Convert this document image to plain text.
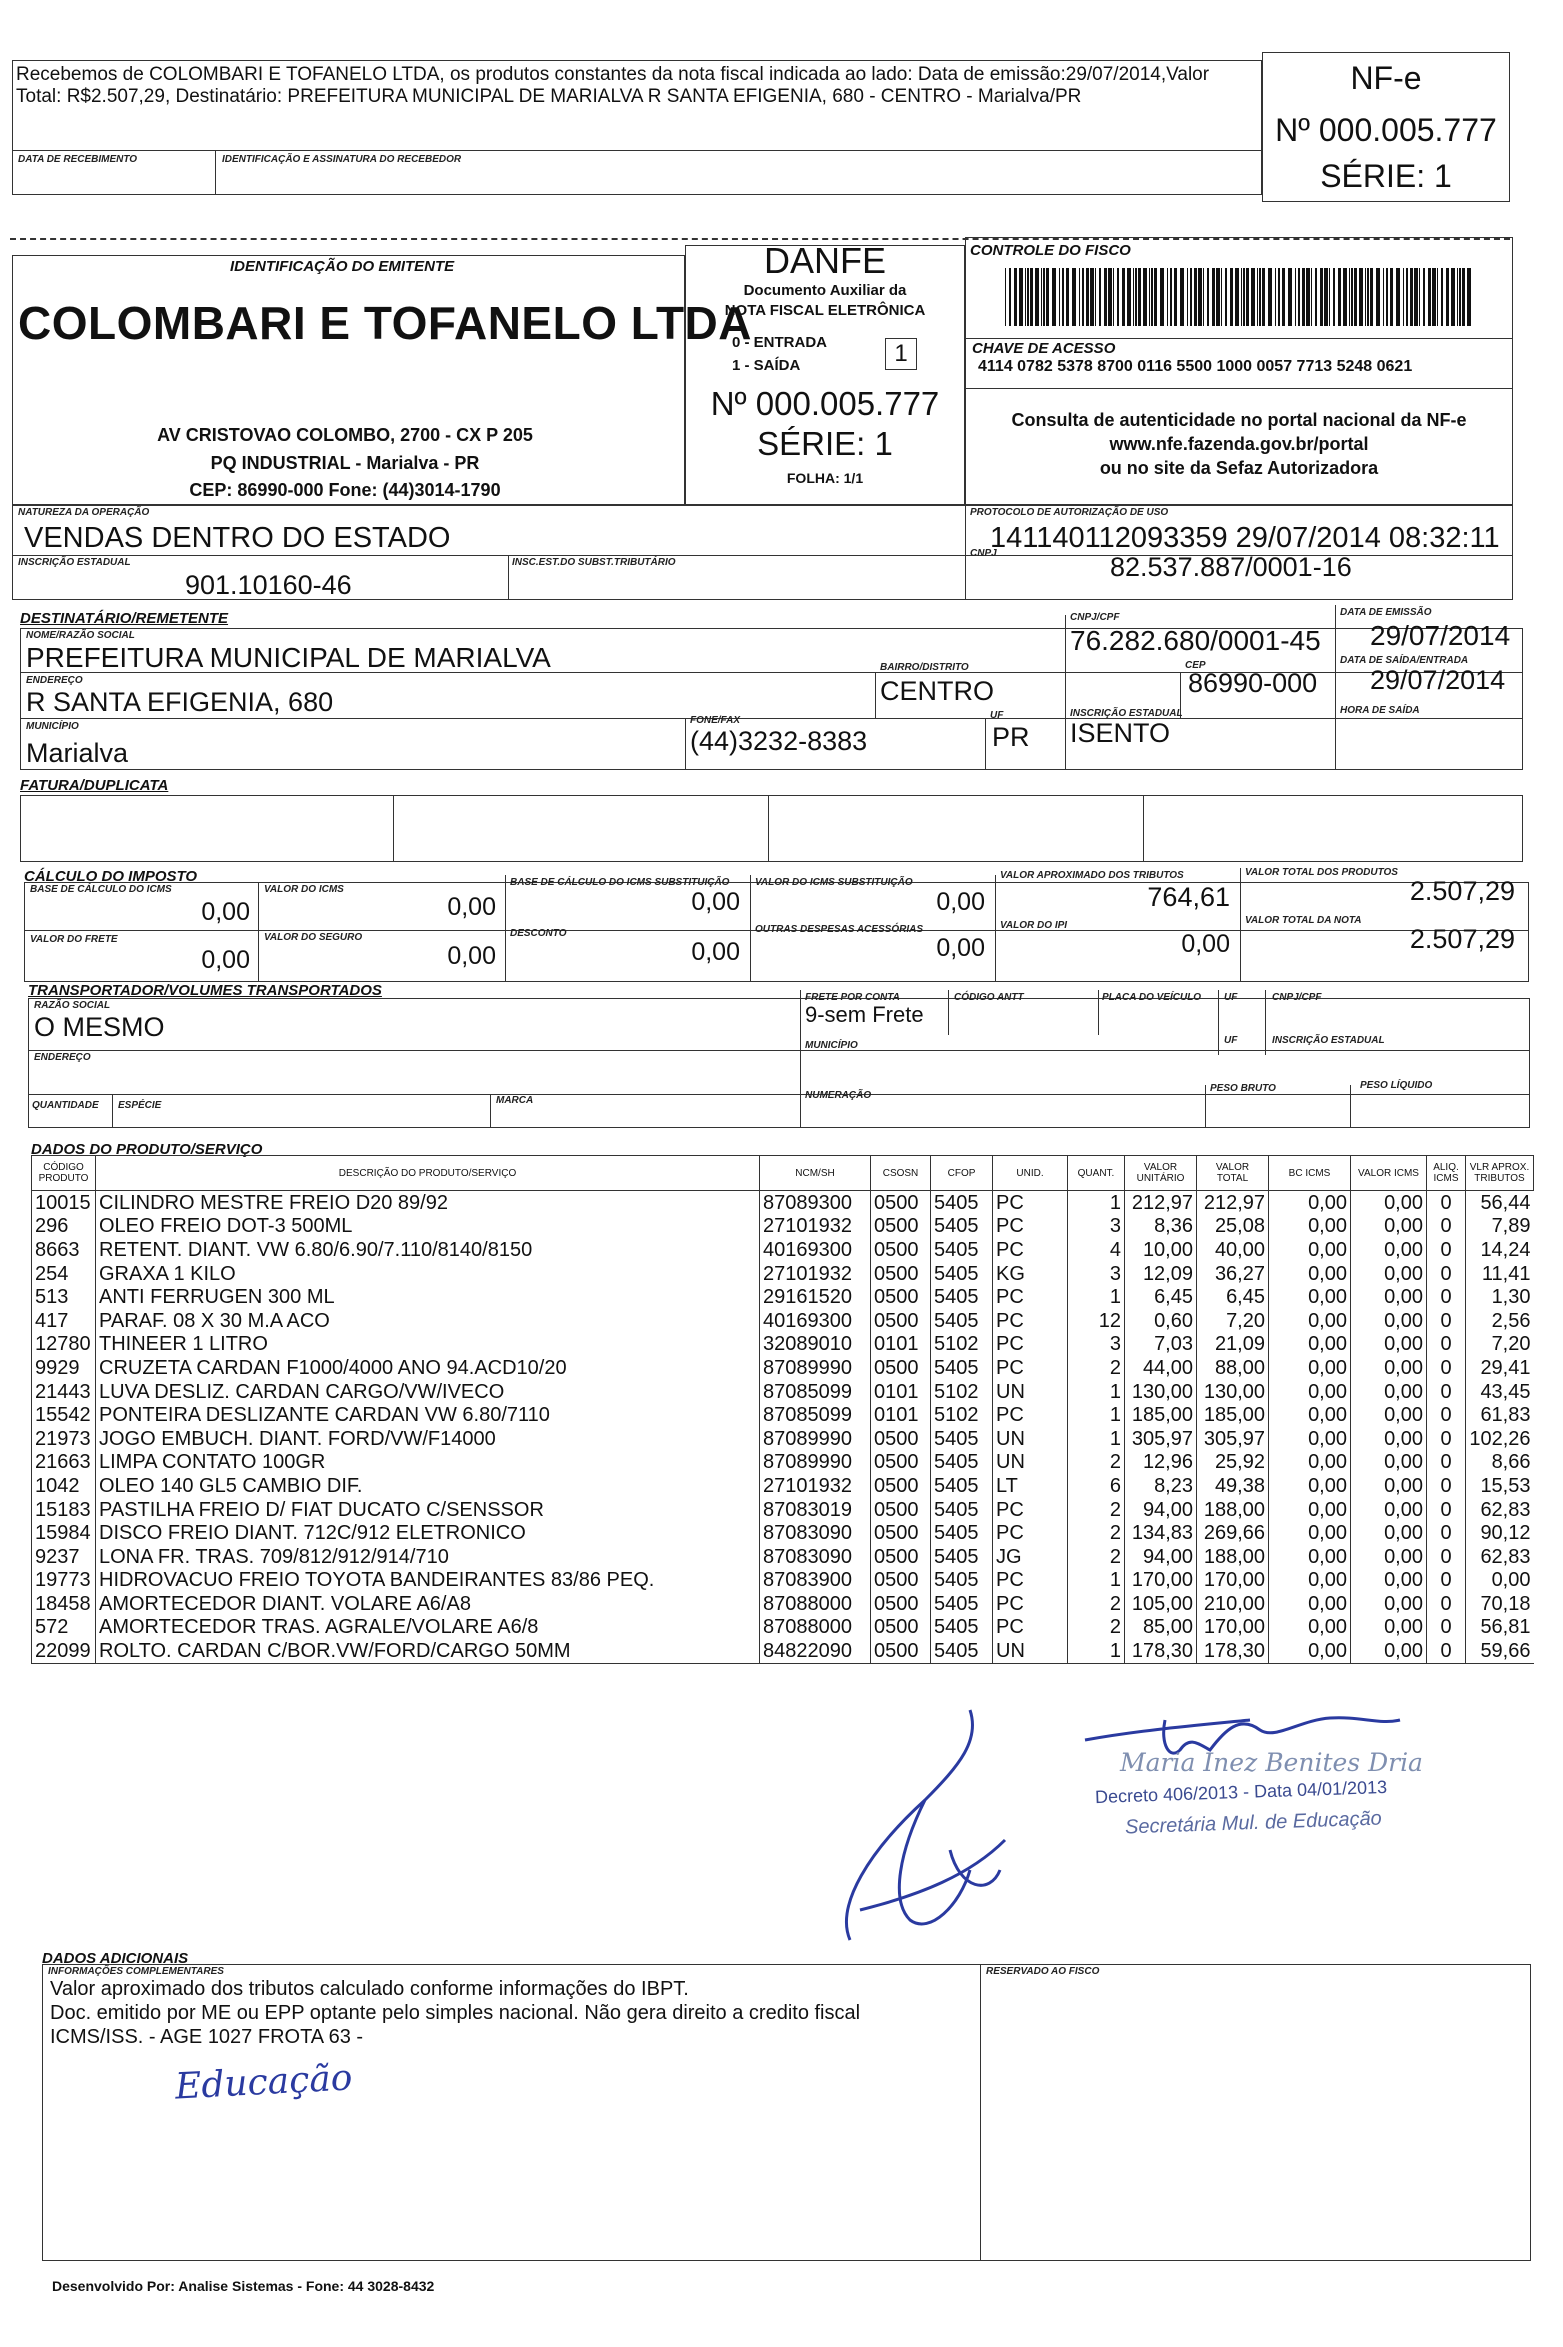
Recebemos de COLOMBARI E TOFANELO LTDA, os produtos constantes da nota fiscal indicada ao lado: Data de emissão:29/07/2014,Valor Total: R$2.507,29, Destinatário: PREFEITURA MUNICIPAL DE MARIALVA R SANTA EFIGENIA, 680 - CENTRO - Marialva/PR
DATA DE RECEBIMENTO	IDENTIFICAÇÃO E ASSINATURA DO RECEBEDOR
NF-e
Nº 000.005.777
SÉRIE: 1
IDENTIFICAÇÃO DO EMITENTE
COLOMBARI E TOFANELO LTDA
AV CRISTOVAO COLOMBO, 2700 - CX P 205
PQ INDUSTRIAL - Marialva - PR
CEP: 86990-000 Fone: (44)3014-1790
DANFE
Documento Auxiliar da
NOTA FISCAL ELETRÔNICA
0 - ENTRADA
1 - SAÍDA	1
Nº 000.005.777
SÉRIE: 1
FOLHA: 1/1
CONTROLE DO FISCO
CHAVE DE ACESSO
4114 0782 5378 8700 0116 5500 1000 0057 7713 5248 0621
Consulta de autenticidade no portal nacional da NF-e
www.nfe.fazenda.gov.br/portal
ou no site da Sefaz Autorizadora
NATUREZA DA OPERAÇÃO
VENDAS DENTRO DO ESTADO
PROTOCOLO DE AUTORIZAÇÃO DE USO
141140112093359 29/07/2014 08:32:11
INSCRIÇÃO ESTADUAL
901.10160-46
INSC.EST.DO SUBST.TRIBUTÁRIO
CNPJ	82.537.887/0001-16
DESTINATÁRIO/REMETENTE
NOME/RAZÃO SOCIAL
PREFEITURA MUNICIPAL DE MARIALVA
CNPJ/CPF
76.282.680/0001-45
DATA DE EMISSÃO
29/07/2014
ENDEREÇO
R SANTA EFIGENIA, 680
BAIRRO/DISTRITO
CENTRO
CEP
86990-000
DATA DE SAÍDA/ENTRADA
29/07/2014
MUNICÍPIO
Marialva
FONE/FAX
(44)3232-8383
UF
PR
INSCRIÇÃO ESTADUAL
ISENTO
HORA DE SAÍDA
FATURA/DUPLICATA
CÁLCULO DO IMPOSTO
BASE DE CÁLCULO DO ICMS
0,00
VALOR DO ICMS
0,00
BASE DE CÁLCULO DO ICMS SUBSTITUIÇÃO
0,00
VALOR DO ICMS SUBSTITUIÇÃO
0,00
VALOR APROXIMADO DOS TRIBUTOS
764,61
VALOR TOTAL DOS PRODUTOS
2.507,29
VALOR DO FRETE
0,00
VALOR DO SEGURO
0,00
DESCONTO
0,00
OUTRAS DESPESAS ACESSÓRIAS
0,00
VALOR DO IPI
0,00
VALOR TOTAL DA NOTA
2.507,29
TRANSPORTADOR/VOLUMES TRANSPORTADOS
RAZÃO SOCIAL
O MESMO
FRETE POR CONTA
9-sem Frete
CÓDIGO ANTT	PLACA DO VEÍCULO UF	CNPJ/CPF
ENDEREÇO
MUNICÍPIO	UF	INSCRIÇÃO ESTADUAL
QUANTIDADE ESPÉCIE	MARCA	NUMERAÇÃO
PESO BRUTO	PESO LÍQUIDO
DADOS DO PRODUTO/SERVIÇO
CÓDIGO PRODUTO	DESCRIÇÃO DO PRODUTO/SERVIÇO	NCM/SH	CSOSN	CFOP	UNID.	QUANT.	VALOR UNITÁRIO	VALOR TOTAL	BC ICMS	VALOR ICMS	ALIQ. ICMS	VLR APROX. TRIBUTOS
10015	CILINDRO MESTRE FREIO D20 89/92	87089300	0500	5405	PC	1	212,97	212,97	0,00	0,00	0	56,44
296	OLEO FREIO DOT-3 500ML	27101932	0500	5405	PC	3	8,36	25,08	0,00	0,00	0	7,89
8663	RETENT. DIANT. VW 6.80/6.90/7.110/8140/8150	40169300	0500	5405	PC	4	10,00	40,00	0,00	0,00	0	14,24
254	GRAXA 1 KILO	27101932	0500	5405	KG	3	12,09	36,27	0,00	0,00	0	11,41
513	ANTI FERRUGEN 300 ML	29161520	0500	5405	PC	1	6,45	6,45	0,00	0,00	0	1,30
417	PARAF. 08 X 30 M.A ACO	40169300	0500	5405	PC	12	0,60	7,20	0,00	0,00	0	2,56
12780	THINEER 1 LITRO	32089010	0101	5102	PC	3	7,03	21,09	0,00	0,00	0	7,20
9929	CRUZETA CARDAN F1000/4000 ANO 94.ACD10/20	87089990	0500	5405	PC	2	44,00	88,00	0,00	0,00	0	29,41
21443	LUVA DESLIZ. CARDAN CARGO/VW/IVECO	87085099	0101	5102	UN	1	130,00	130,00	0,00	0,00	0	43,45
15542	PONTEIRA DESLIZANTE CARDAN VW 6.80/7110	87085099	0101	5102	PC	1	185,00	185,00	0,00	0,00	0	61,83
21973	JOGO EMBUCH. DIANT. FORD/VW/F14000	87089990	0500	5405	UN	1	305,97	305,97	0,00	0,00	0	102,26
21663	LIMPA CONTATO 100GR	87089990	0500	5405	UN	2	12,96	25,92	0,00	0,00	0	8,66
1042	OLEO 140 GL5 CAMBIO DIF.	27101932	0500	5405	LT	6	8,23	49,38	0,00	0,00	0	15,53
15183	PASTILHA FREIO D/ FIAT DUCATO C/SENSSOR	87083019	0500	5405	PC	2	94,00	188,00	0,00	0,00	0	62,83
15984	DISCO FREIO DIANT. 712C/912 ELETRONICO	87083090	0500	5405	PC	2	134,83	269,66	0,00	0,00	0	90,12
9237	LONA FR. TRAS. 709/812/912/914/710	87083090	0500	5405	JG	2	94,00	188,00	0,00	0,00	0	62,83
19773	HIDROVACUO FREIO TOYOTA BANDEIRANTES 83/86 PEQ.	87083900	0500	5405	PC	1	170,00	170,00	0,00	0,00	0	0,00
18458	AMORTECEDOR DIANT. VOLARE A6/A8	87088000	0500	5405	PC	2	105,00	210,00	0,00	0,00	0	70,18
572	AMORTECEDOR TRAS. AGRALE/VOLARE A6/8	87088000	0500	5405	PC	2	85,00	170,00	0,00	0,00	0	56,81
22099	ROLTO. CARDAN C/BOR.VW/FORD/CARGO 50MM	84822090	0500	5405	UN	1	178,30	178,30	0,00	0,00	0	59,66
Maria Inez Benites Dria
Decreto 406/2013 - Data 04/01/2013
Secretária Mul. de Educação
DADOS ADICIONAIS
INFORMAÇÕES COMPLEMENTARES
Valor aproximado dos tributos calculado conforme informações do IBPT.
Doc. emitido por ME ou EPP optante pelo simples nacional. Não gera direito a credito fiscal
ICMS/ISS. - AGE 1027 FROTA 63 -
Educação
RESERVADO AO FISCO
Desenvolvido Por: Analise Sistemas - Fone: 44 3028-8432
